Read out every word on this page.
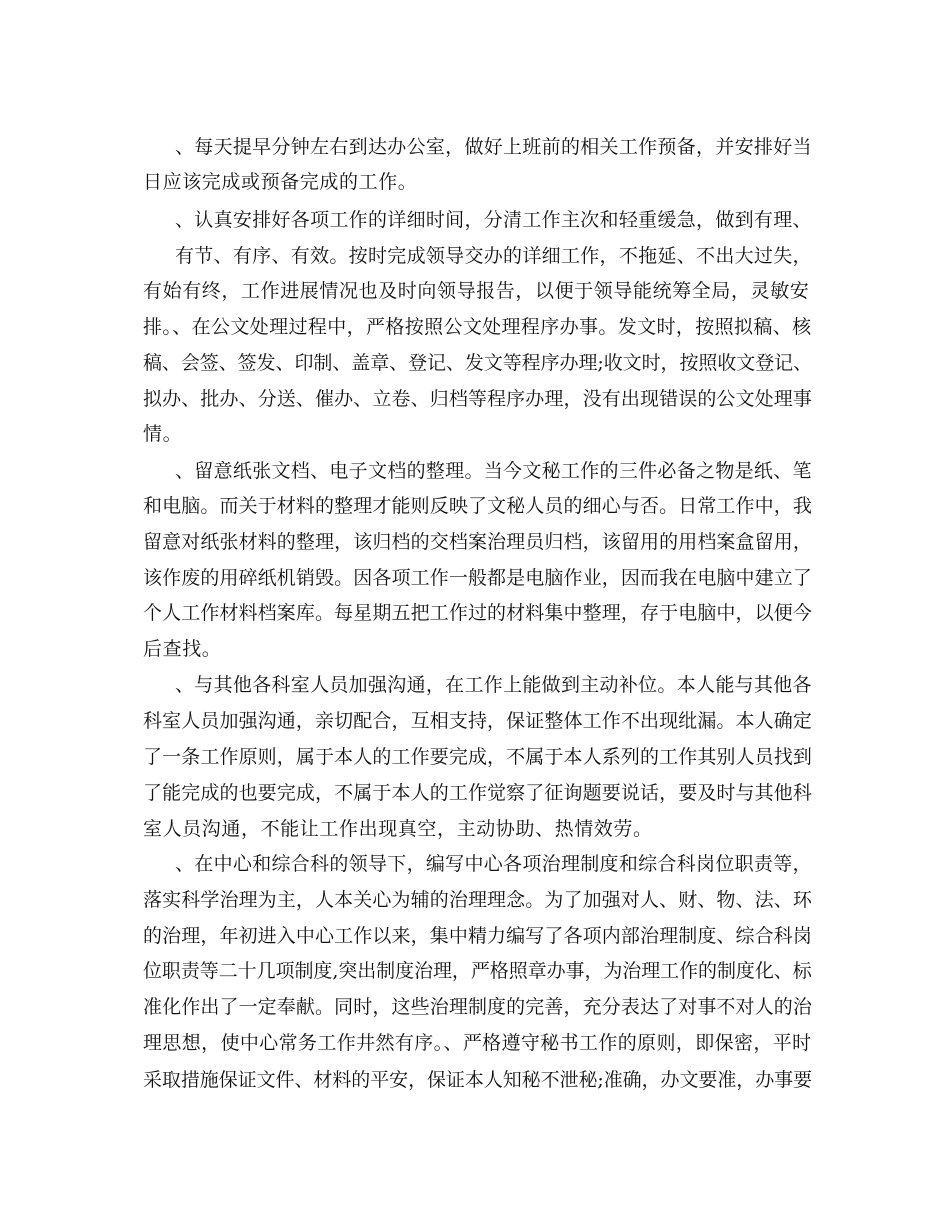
、每天提早分钟左右到达办公室，做好上班前的相关工作预备，并安排好当
日应该完成或预备完成的工作。
、认真安排好各项工作的详细时间，分清工作主次和轻重缓急，做到有理、
有节、有序、有效。按时完成领导交办的详细工作，不拖延、不出大过失，
有始有终，工作进展情况也及时向领导报告，以便于领导能统筹全局，灵敏安
排。、在公文处理过程中，严格按照公文处理程序办事。发文时，按照拟稿、核
稿、会签、签发、印制、盖章、登记、发文等程序办理;收文时，按照收文登记、
拟办、批办、分送、催办、立卷、归档等程序办理，没有出现错误的公文处理事
情。
、留意纸张文档、电子文档的整理。当今文秘工作的三件必备之物是纸、笔
和电脑。而关于材料的整理才能则反映了文秘人员的细心与否。日常工作中，我
留意对纸张材料的整理，该归档的交档案治理员归档，该留用的用档案盒留用，
该作废的用碎纸机销毁。因各项工作一般都是电脑作业，因而我在电脑中建立了
个人工作材料档案库。每星期五把工作过的材料集中整理，存于电脑中，以便今
后查找。
、与其他各科室人员加强沟通，在工作上能做到主动补位。本人能与其他各
科室人员加强沟通，亲切配合，互相支持，保证整体工作不出现纰漏。本人确定
了一条工作原则，属于本人的工作要完成，不属于本人系列的工作其别人员找到
了能完成的也要完成，不属于本人的工作觉察了征询题要说话，要及时与其他科
室人员沟通，不能让工作出现真空，主动协助、热情效劳。
、在中心和综合科的领导下，编写中心各项治理制度和综合科岗位职责等，
落实科学治理为主，人本关心为辅的治理理念。为了加强对人、财、物、法、环
的治理，年初进入中心工作以来，集中精力编写了各项内部治理制度、综合科岗
位职责等二十几项制度,突出制度治理，严格照章办事，为治理工作的制度化、标
准化作出了一定奉献。同时，这些治理制度的完善，充分表达了对事不对人的治
理思想，使中心常务工作井然有序。、严格遵守秘书工作的原则，即保密，平时
采取措施保证文件、材料的平安，保证本人知秘不泄秘;准确，办文要准，办事要
